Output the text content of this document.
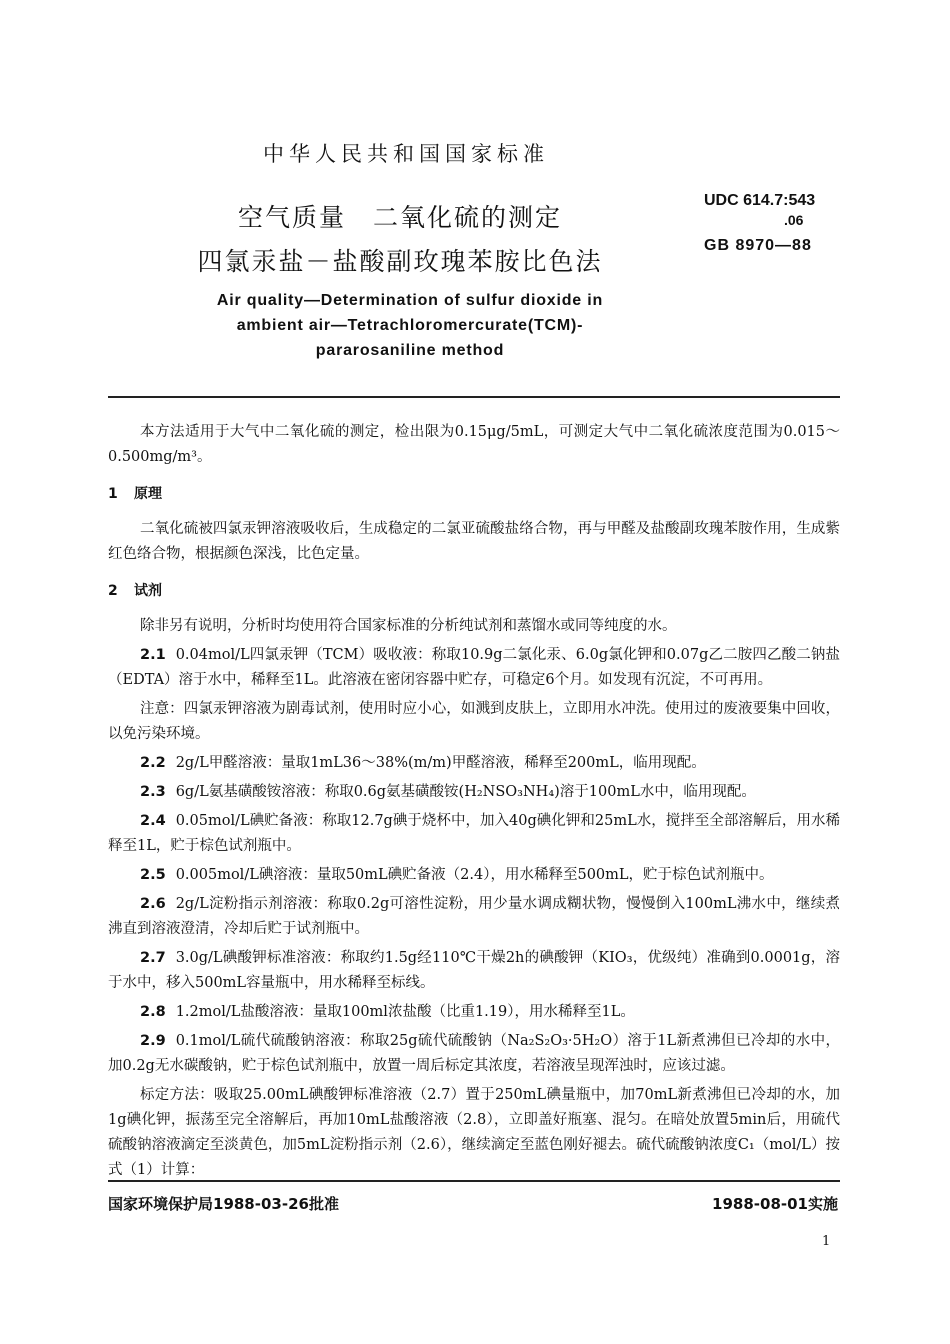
中华人民共和国国家标准
空气质量　二氧化硫的测定
四氯汞盐－盐酸副玫瑰苯胺比色法
UDC 614.7:543
.06
GB 8970—88
Air quality—Determination of sulfur dioxide in
ambient air—Tetrachloromercurate(TCM)-
pararosaniline method

本方法适用于大气中二氧化硫的测定，检出限为0.15μg/5mL，可测定大气中二氧化硫浓度范围为0.015～0.500mg/m³。

1 原理

二氧化硫被四氯汞钾溶液吸收后，生成稳定的二氯亚硫酸盐络合物，再与甲醛及盐酸副玫瑰苯胺作用，生成紫红色络合物，根据颜色深浅，比色定量。

2 试剂

除非另有说明，分析时均使用符合国家标准的分析纯试剂和蒸馏水或同等纯度的水。

2.1 0.04mol/L四氯汞钾（TCM）吸收液：称取10.9g二氯化汞、6.0g氯化钾和0.07g乙二胺四乙酸二钠盐（EDTA）溶于水中，稀释至1L。此溶液在密闭容器中贮存，可稳定6个月。如发现有沉淀，不可再用。

注意：四氯汞钾溶液为剧毒试剂，使用时应小心，如溅到皮肤上，立即用水冲洗。使用过的废液要集中回收，以免污染环境。

2.2 2g/L甲醛溶液：量取1mL36～38%(m/m)甲醛溶液，稀释至200mL，临用现配。

2.3 6g/L氨基磺酸铵溶液：称取0.6g氨基磺酸铵(H₂NSO₃NH₄)溶于100mL水中，临用现配。

2.4 0.05mol/L碘贮备液：称取12.7g碘于烧杯中，加入40g碘化钾和25mL水，搅拌至全部溶解后，用水稀释至1L，贮于棕色试剂瓶中。

2.5 0.005mol/L碘溶液：量取50mL碘贮备液（2.4），用水稀释至500mL，贮于棕色试剂瓶中。

2.6 2g/L淀粉指示剂溶液：称取0.2g可溶性淀粉，用少量水调成糊状物，慢慢倒入100mL沸水中，继续煮沸直到溶液澄清，冷却后贮于试剂瓶中。

2.7 3.0g/L碘酸钾标准溶液：称取约1.5g经110℃干燥2h的碘酸钾（KIO₃，优级纯）准确到0.0001g，溶于水中，移入500mL容量瓶中，用水稀释至标线。

2.8 1.2mol/L盐酸溶液：量取100ml浓盐酸（比重1.19），用水稀释至1L。

2.9 0.1mol/L硫代硫酸钠溶液：称取25g硫代硫酸钠（Na₂S₂O₃·5H₂O）溶于1L新煮沸但已冷却的水中，加0.2g无水碳酸钠，贮于棕色试剂瓶中，放置一周后标定其浓度，若溶液呈现浑浊时，应该过滤。

标定方法：吸取25.00mL碘酸钾标准溶液（2.7）置于250mL碘量瓶中，加70mL新煮沸但已冷却的水，加1g碘化钾，振荡至完全溶解后，再加10mL盐酸溶液（2.8），立即盖好瓶塞、混匀。在暗处放置5min后，用硫代硫酸钠溶液滴定至淡黄色，加5mL淀粉指示剂（2.6），继续滴定至蓝色刚好褪去。硫代硫酸钠浓度C₁（mol/L）按式（1）计算：

国家环境保护局1988-03-26批准	1988-08-01实施
1
